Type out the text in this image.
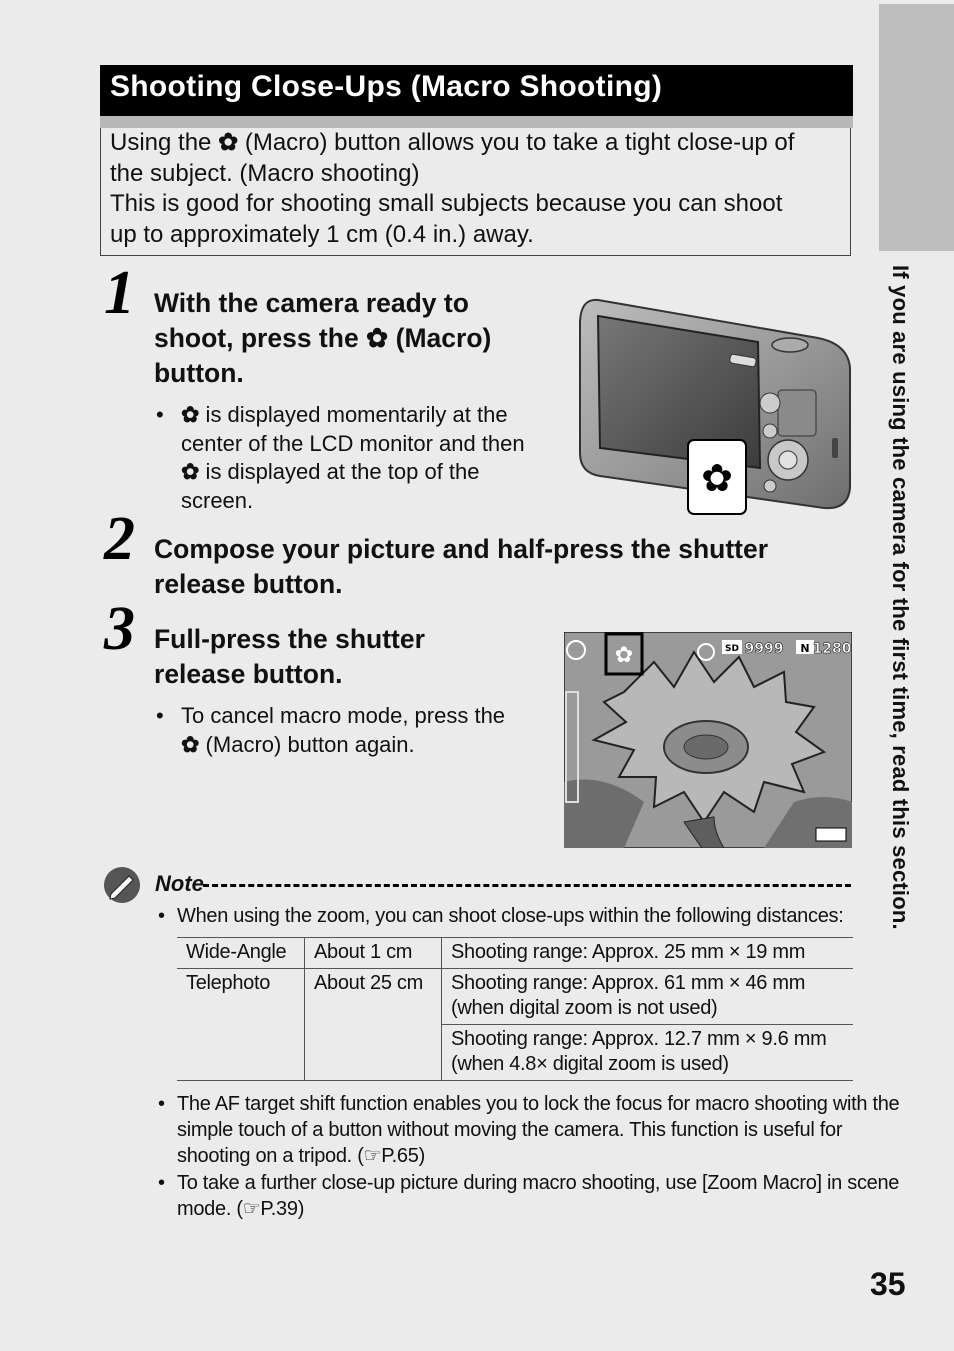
If you are using the camera for the first time, read this section.
Shooting Close-Ups (Macro Shooting)

Using the ✿ (Macro) button allows you to take a tight close-up of

the subject. (Macro shooting)

This is good for shooting small subjects because you can shoot

up to approximately 1 cm (0.4 in.) away.

1 With the camera ready to
shoot, press the ✿ (Macro)
button.
• ✿ is displayed momentarily at the
center of the LCD monitor and then
✿ is displayed at the top of the
screen.	✿
2 Compose your picture and half-press the shutter
release button.
3 Full-press the shutter
release button.
• To cancel macro mode, press the
✿ (Macro) button again.
✿	SD 9999 N 1280
Note
• When using the zoom, you can shoot close-ups within the following distances:
Wide-Angle	About 1 cm	Shooting range: Approx. 25 mm × 19 mm
Telephoto	About 25 cm	Shooting range: Approx. 61 mm × 46 mm
(when digital zoom is not used)

		Shooting range: Approx. 12.7 mm × 9.6 mm
(when 4.8× digital zoom is used)
• The AF target shift function enables you to lock the focus for macro shooting with the
simple touch of a button without moving the camera. This function is useful for
shooting on a tripod. (☞P.65)
• To take a further close-up picture during macro shooting, use [Zoom Macro] in scene
mode. (☞P.39)
35
